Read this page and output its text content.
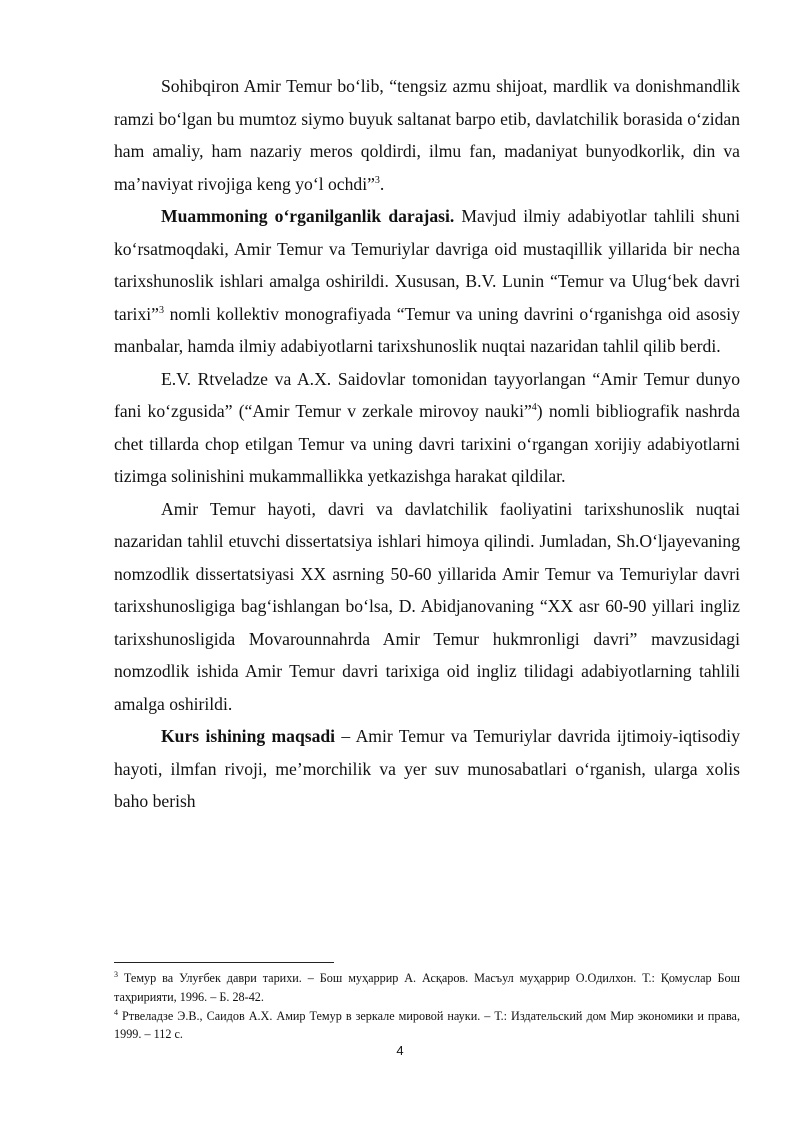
Sohibqiron Amir Temur bo‘lib, “tengsiz azmu shijoat, mardlik va donishmandlik ramzi bo‘lgan bu mumtoz siymo buyuk saltanat barpo etib, davlatchilik borasida o‘zidan ham amaliy, ham nazariy meros qoldirdi, ilmu fan, madaniyat bunyodkorlik, din va ma’naviyat rivojiga keng yo‘l ochdi”$^3$.

Muammoning o‘rganilganlik darajasi. Mavjud ilmiy adabiyotlar tahlili shuni ko‘rsatmoqdaki, Amir Temur va Temuriylar davriga oid mustaqillik yillarida bir necha tarixshunoslik ishlari amalga oshirildi. Xususan, B.V. Lunin “Temur va Ulug‘bek davri tarixi”$^3$ nomli kollektiv monografiyada “Temur va uning davrini o‘rganishga oid asosiy manbalar, hamda ilmiy adabiyotlarni tarixshunoslik nuqtai nazaridan tahlil qilib berdi.

E.V. Rtveladze va A.X. Saidovlar tomonidan tayyorlangan “Amir Temur dunyo fani ko‘zgusida” (“Amir Temur v zerkale mirovoy nauki”$^4$) nomli bibliografik nashrda chet tillarda chop etilgan Temur va uning davri tarixini o‘rgangan xorijiy adabiyotlarni tizimga solinishini mukammallikka yetkazishga harakat qildilar.

Amir Temur hayoti, davri va davlatchilik faoliyatini tarixshunoslik nuqtai nazaridan tahlil etuvchi dissertatsiya ishlari himoya qilindi. Jumladan, Sh.O‘ljayevaning nomzodlik dissertatsiyasi XX asrning 50-60 yillarida Amir Temur va Temuriylar davri tarixshunosligiga bag‘ishlangan bo‘lsa, D. Abidjanovaning “XX asr 60-90 yillari ingliz tarixshunosligida Movarounnahrda Amir Temur hukmronligi davri” mavzusidagi nomzodlik ishida Amir Temur davri tarixiga oid ingliz tilidagi adabiyotlarning tahlili amalga oshirildi.

Kurs ishining maqsadi – Amir Temur va Temuriylar davrida ijtimoiy-iqtisodiy hayoti, ilmfan rivoji, me’morchilik va yer suv munosabatlari o‘rganish, ularga xolis baho berish

$^3$ Темур ва Улуғбек даври тарихи. – Бош муҳаррир А. Асқаров. Масъул муҳаррир О.Одилхон. Т.: Қомуслар Бош таҳририяти, 1996. – Б. 28-42.

$^4$ Ртвеладзе Э.В., Саидов А.Х. Амир Темур в зеркале мировой науки. – Т.: Издательский дом Мир экономики и права, 1999. – 112 с.

4
